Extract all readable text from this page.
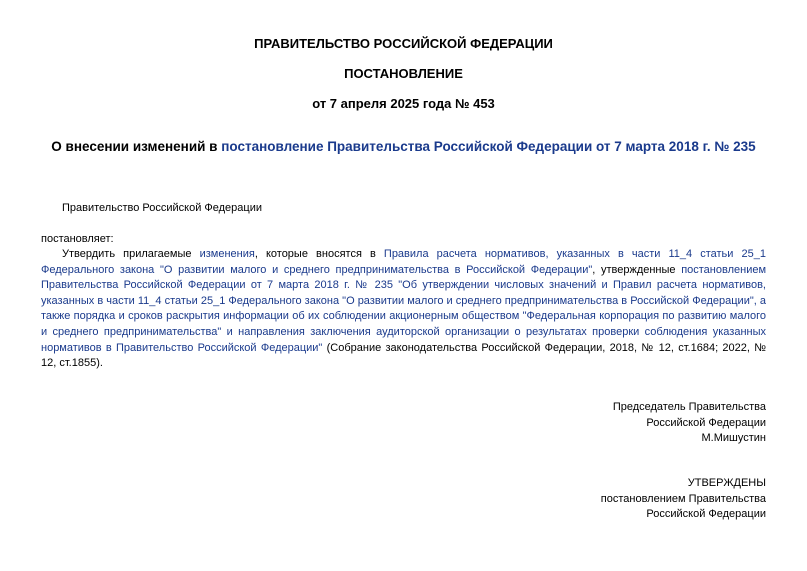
ПРАВИТЕЛЬСТВО РОССИЙСКОЙ ФЕДЕРАЦИИ
ПОСТАНОВЛЕНИЕ
от 7 апреля 2025 года № 453
О внесении изменений в постановление Правительства Российской Федерации от 7 марта 2018 г. № 235
Правительство Российской Федерации
постановляет:
Утвердить прилагаемые изменения, которые вносятся в Правила расчета нормативов, указанных в части 11_4 статьи 25_1 Федерального закона "О развитии малого и среднего предпринимательства в Российской Федерации", утвержденные постановлением Правительства Российской Федерации от 7 марта 2018 г. № 235 "Об утверждении числовых значений и Правил расчета нормативов, указанных в части 11_4 статьи 25_1 Федерального закона "О развитии малого и среднего предпринимательства в Российской Федерации", а также порядка и сроков раскрытия информации об их соблюдении акционерным обществом "Федеральная корпорация по развитию малого и среднего предпринимательства" и направления заключения аудиторской организации о результатах проверки соблюдения указанных нормативов в Правительство Российской Федерации" (Собрание законодательства Российской Федерации, 2018, № 12, ст.1684; 2022, № 12, ст.1855).
Председатель Правительства
Российской Федерации
М.Мишустин
УТВЕРЖДЕНЫ
постановлением Правительства
Российской Федерации
